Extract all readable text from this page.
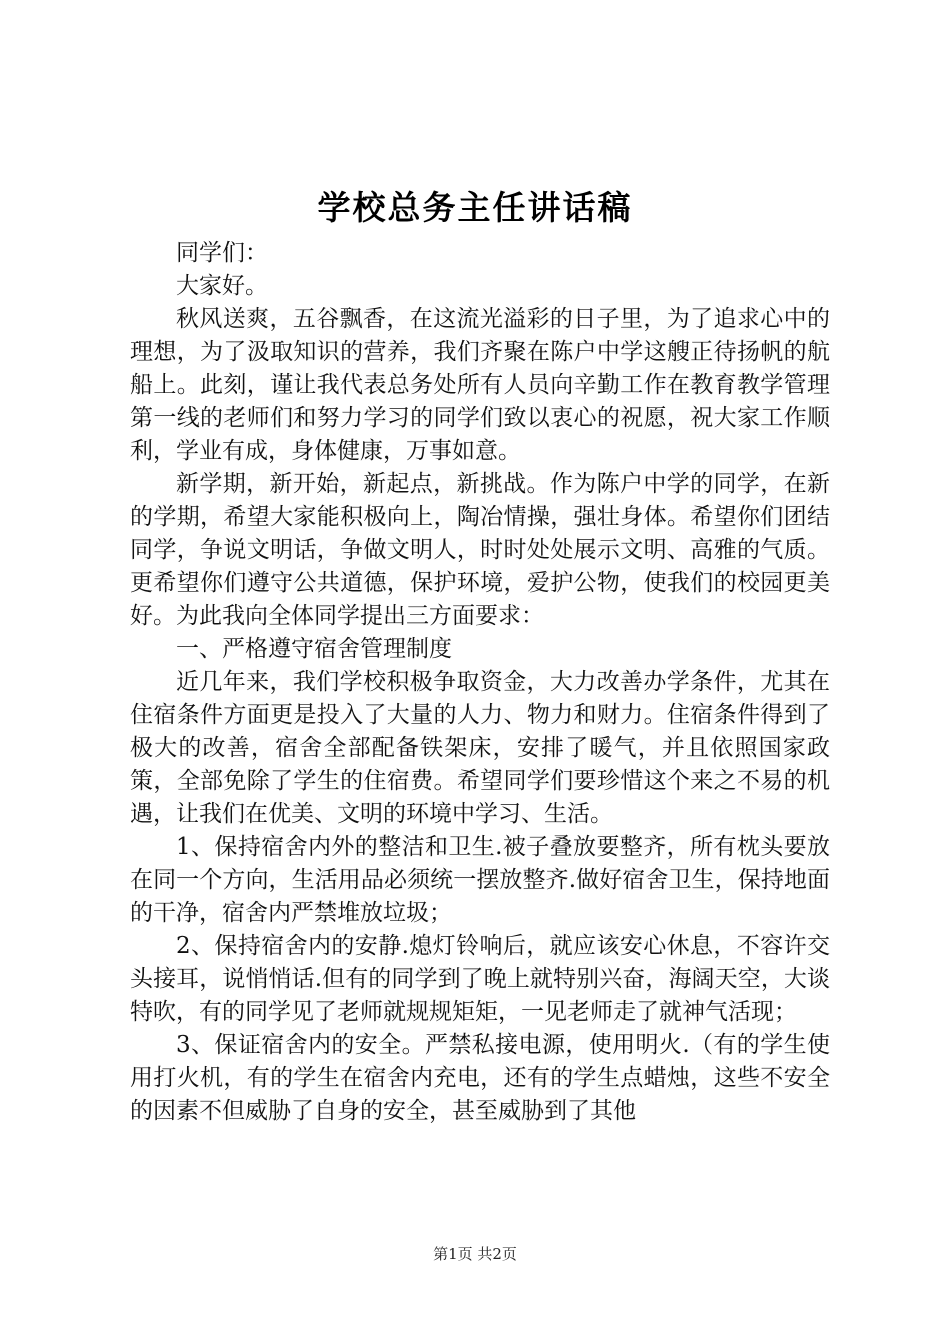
学校总务主任讲话稿

同学们：

大家好。

秋风送爽，五谷飘香，在这流光溢彩的日子里，为了追求心中的理想，为了汲取知识的营养，我们齐聚在陈户中学这艘正待扬帆的航船上。此刻，谨让我代表总务处所有人员向辛勤工作在教育教学管理第一线的老师们和努力学习的同学们致以衷心的祝愿，祝大家工作顺利，学业有成，身体健康，万事如意。

新学期，新开始，新起点，新挑战。作为陈户中学的同学，在新的学期，希望大家能积极向上，陶冶情操，强壮身体。希望你们团结同学，争说文明话，争做文明人，时时处处展示文明、高雅的气质。更希望你们遵守公共道德，保护环境，爱护公物，使我们的校园更美好。为此我向全体同学提出三方面要求：

一、严格遵守宿舍管理制度

近几年来，我们学校积极争取资金，大力改善办学条件，尤其在住宿条件方面更是投入了大量的人力、物力和财力。住宿条件得到了极大的改善，宿舍全部配备铁架床，安排了暖气，并且依照国家政策，全部免除了学生的住宿费。希望同学们要珍惜这个来之不易的机遇，让我们在优美、文明的环境中学习、生活。

1、保持宿舍内外的整洁和卫生.被子叠放要整齐，所有枕头要放在同一个方向，生活用品必须统一摆放整齐.做好宿舍卫生，保持地面的干净，宿舍内严禁堆放垃圾；

2、保持宿舍内的安静.熄灯铃响后，就应该安心休息，不容许交头接耳，说悄悄话.但有的同学到了晚上就特别兴奋，海阔天空，大谈特吹，有的同学见了老师就规规矩矩，一见老师走了就神气活现；

3、保证宿舍内的安全。严禁私接电源，使用明火.（有的学生使用打火机，有的学生在宿舍内充电，还有的学生点蜡烛，这些不安全的因素不但威胁了自身的安全，甚至威胁到了其他

第1页 共2页
